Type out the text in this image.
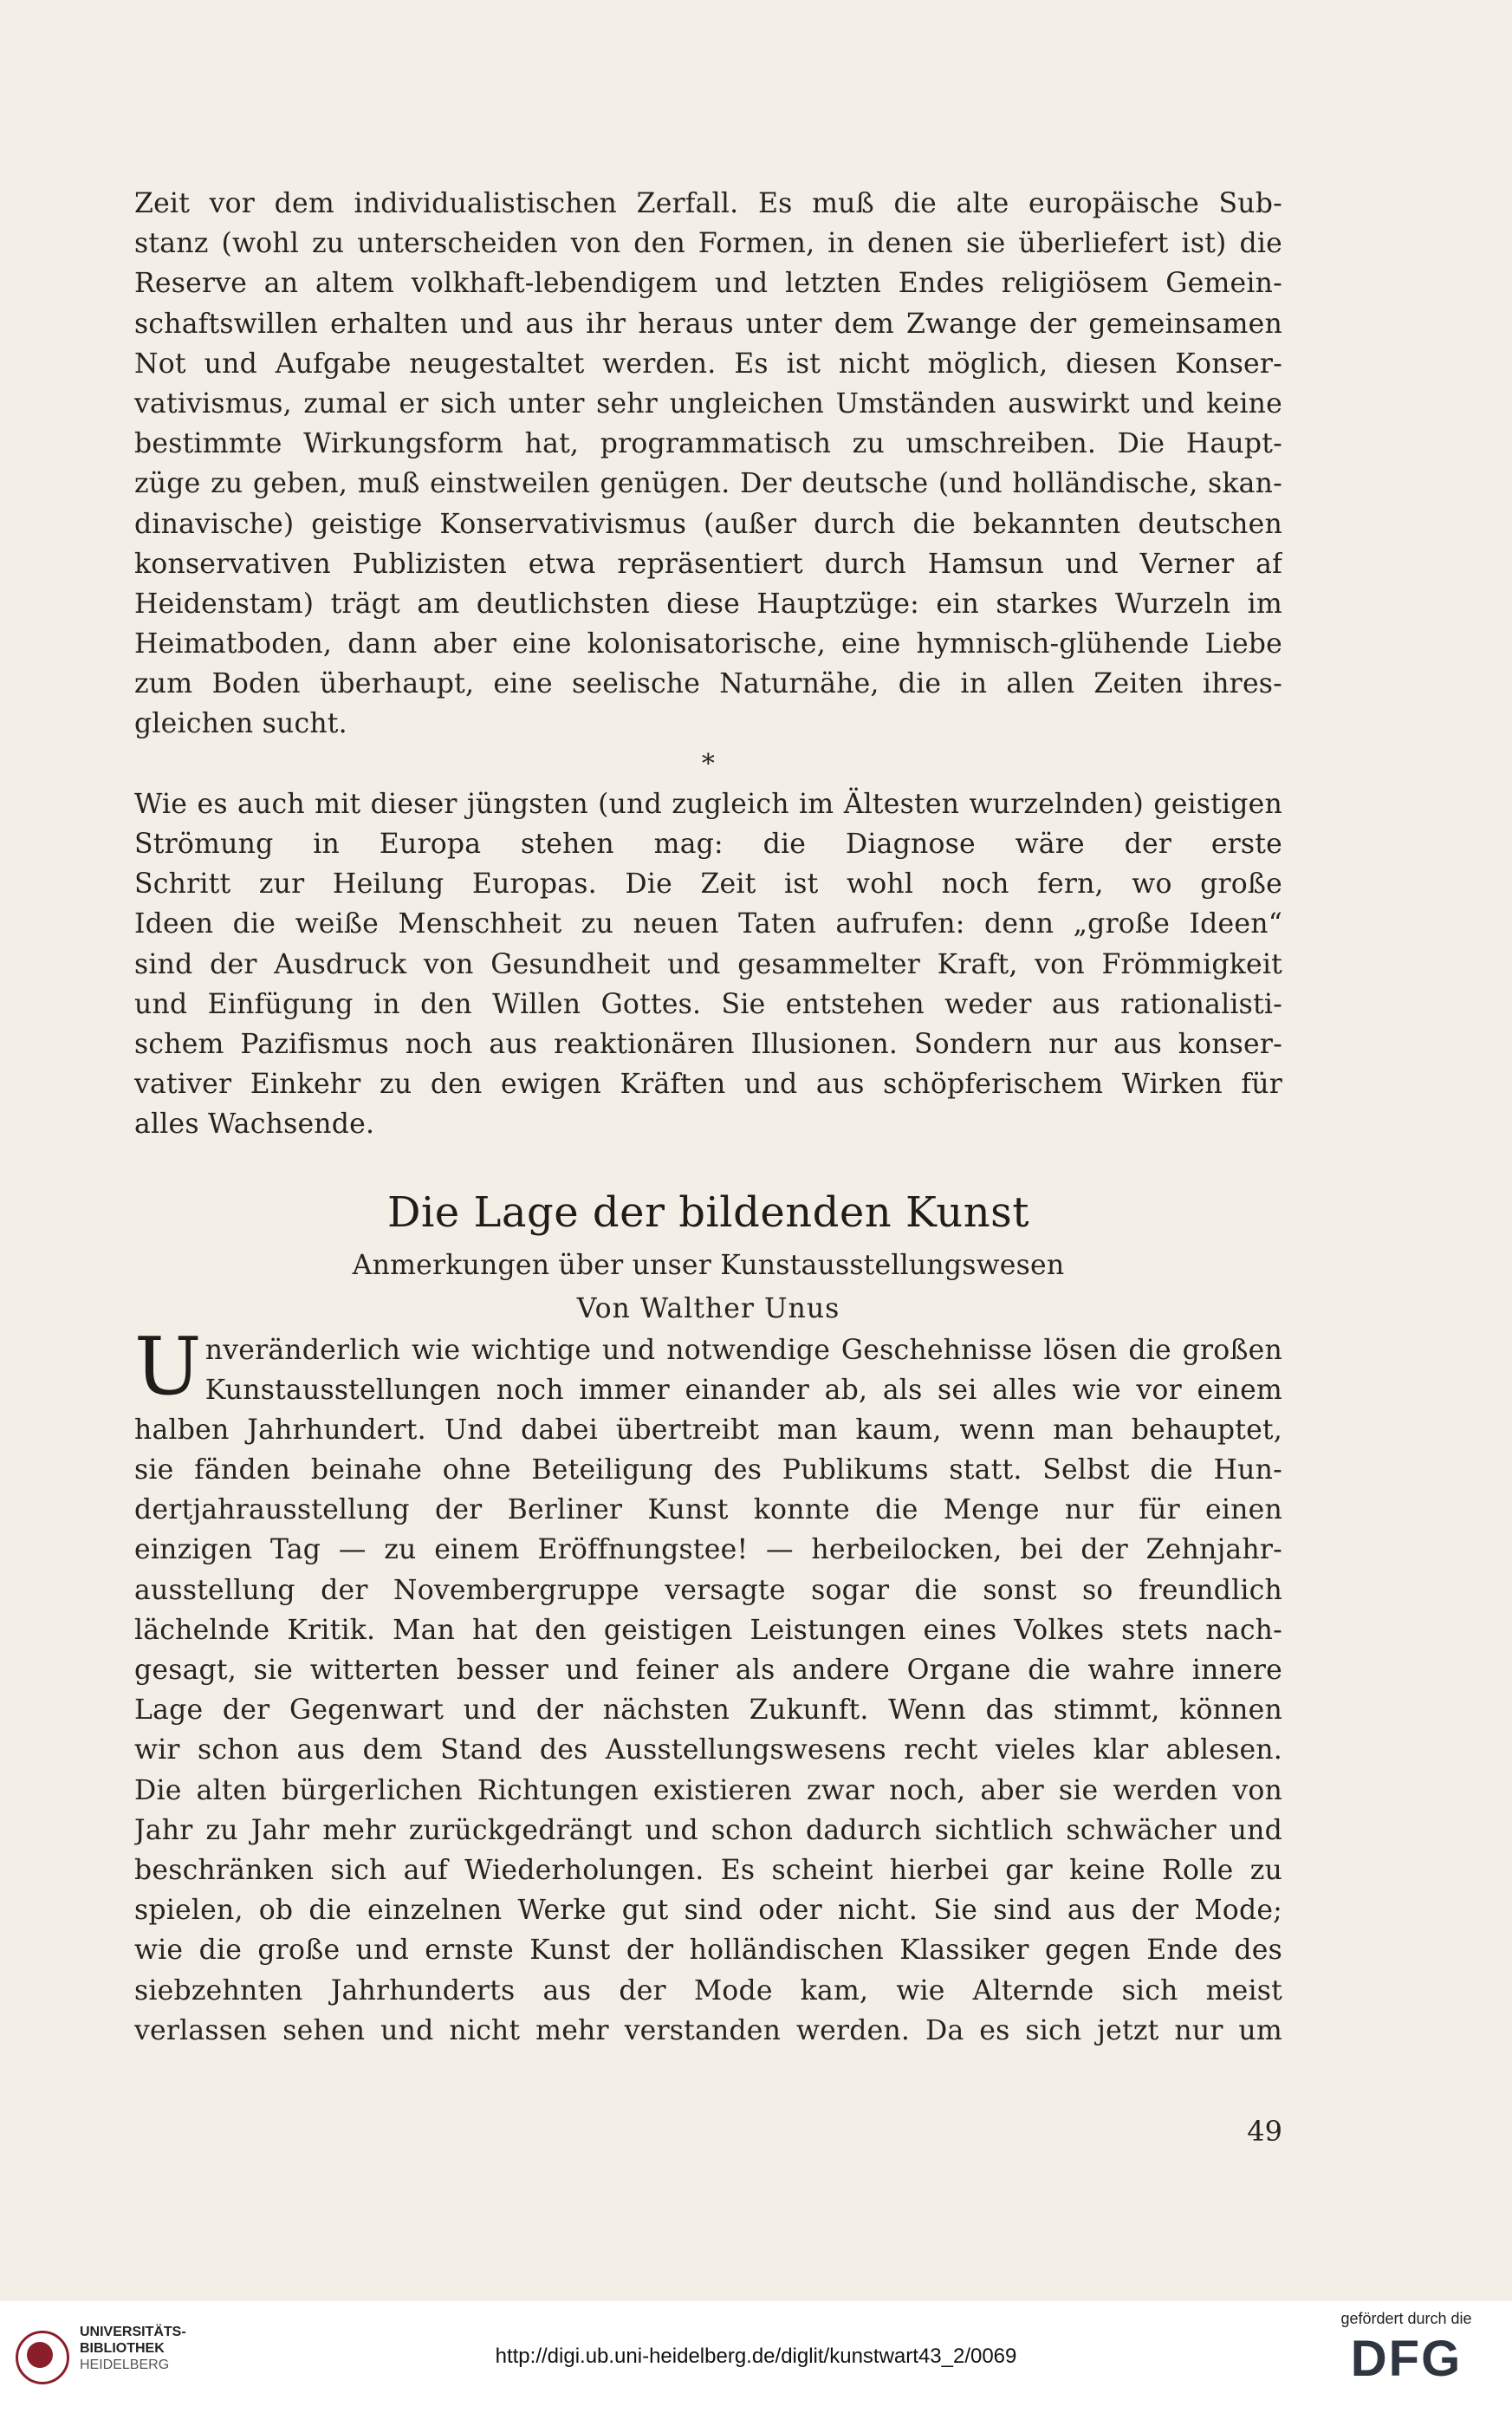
Zeit vor dem individualistischen Zerfall. Es muß die alte europäische Sub-
stanz (wohl zu unterscheiden von den Formen, in denen sie überliefert ist) die
Reserve an altem volkhaft-lebendigem und letzten Endes religiösem Gemein-
schaftswillen erhalten und aus ihr heraus unter dem Zwange der gemeinsamen
Not und Aufgabe neugestaltet werden. Es ist nicht möglich, diesen Konser-
vativismus, zumal er sich unter sehr ungleichen Umständen auswirkt und keine
bestimmte Wirkungsform hat, programmatisch zu umschreiben. Die Haupt-
züge zu geben, muß einstweilen genügen. Der deutsche (und holländische, skan-
dinavische) geistige Konservativismus (außer durch die bekannten deutschen
konservativen Publizisten etwa repräsentiert durch Hamsun und Verner af
Heidenstam) trägt am deutlichsten diese Hauptzüge: ein starkes Wurzeln im
Heimatboden, dann aber eine kolonisatorische, eine hymnisch-glühende Liebe
zum Boden überhaupt, eine seelische Naturnähe, die in allen Zeiten ihres-
gleichen sucht.
*
Wie es auch mit dieser jüngsten (und zugleich im Ältesten wurzelnden) geistigen
Strömung in Europa stehen mag: die Diagnose wäre der erste
Schritt zur Heilung Europas. Die Zeit ist wohl noch fern, wo große
Ideen die weiße Menschheit zu neuen Taten aufrufen: denn „große Ideen“
sind der Ausdruck von Gesundheit und gesammelter Kraft, von Frömmigkeit
und Einfügung in den Willen Gottes. Sie entstehen weder aus rationalisti-
schem Pazifismus noch aus reaktionären Illusionen. Sondern nur aus konser-
vativer Einkehr zu den ewigen Kräften und aus schöpferischem Wirken für
alles Wachsende.
Die Lage der bildenden Kunst
Anmerkungen über unser Kunstausstellungswesen
Von Walther Unus
U nveränderlich wie wichtige und notwendige Geschehnisse lösen die großen
Kunstausstellungen noch immer einander ab, als sei alles wie vor einem
halben Jahrhundert. Und dabei übertreibt man kaum, wenn man behauptet,
sie fänden beinahe ohne Beteiligung des Publikums statt. Selbst die Hun-
dertjahrausstellung der Berliner Kunst konnte die Menge nur für einen
einzigen Tag — zu einem Eröffnungstee! — herbeilocken, bei der Zehnjahr-
ausstellung der Novembergruppe versagte sogar die sonst so freundlich
lächelnde Kritik. Man hat den geistigen Leistungen eines Volkes stets nach-
gesagt, sie witterten besser und feiner als andere Organe die wahre innere
Lage der Gegenwart und der nächsten Zukunft. Wenn das stimmt, können
wir schon aus dem Stand des Ausstellungswesens recht vieles klar ablesen.
Die alten bürgerlichen Richtungen existieren zwar noch, aber sie werden von
Jahr zu Jahr mehr zurückgedrängt und schon dadurch sichtlich schwächer und
beschränken sich auf Wiederholungen. Es scheint hierbei gar keine Rolle zu
spielen, ob die einzelnen Werke gut sind oder nicht. Sie sind aus der Mode;
wie die große und ernste Kunst der holländischen Klassiker gegen Ende des
siebzehnten Jahrhunderts aus der Mode kam, wie Alternde sich meist
verlassen sehen und nicht mehr verstanden werden. Da es sich jetzt nur um
49
UNIVERSITÄTS-
BIBLIOTHEK
HEIDELBERG	http://digi.ub.uni-heidelberg.de/diglit/kunstwart43_2/0069
gefördert durch die
DFG
